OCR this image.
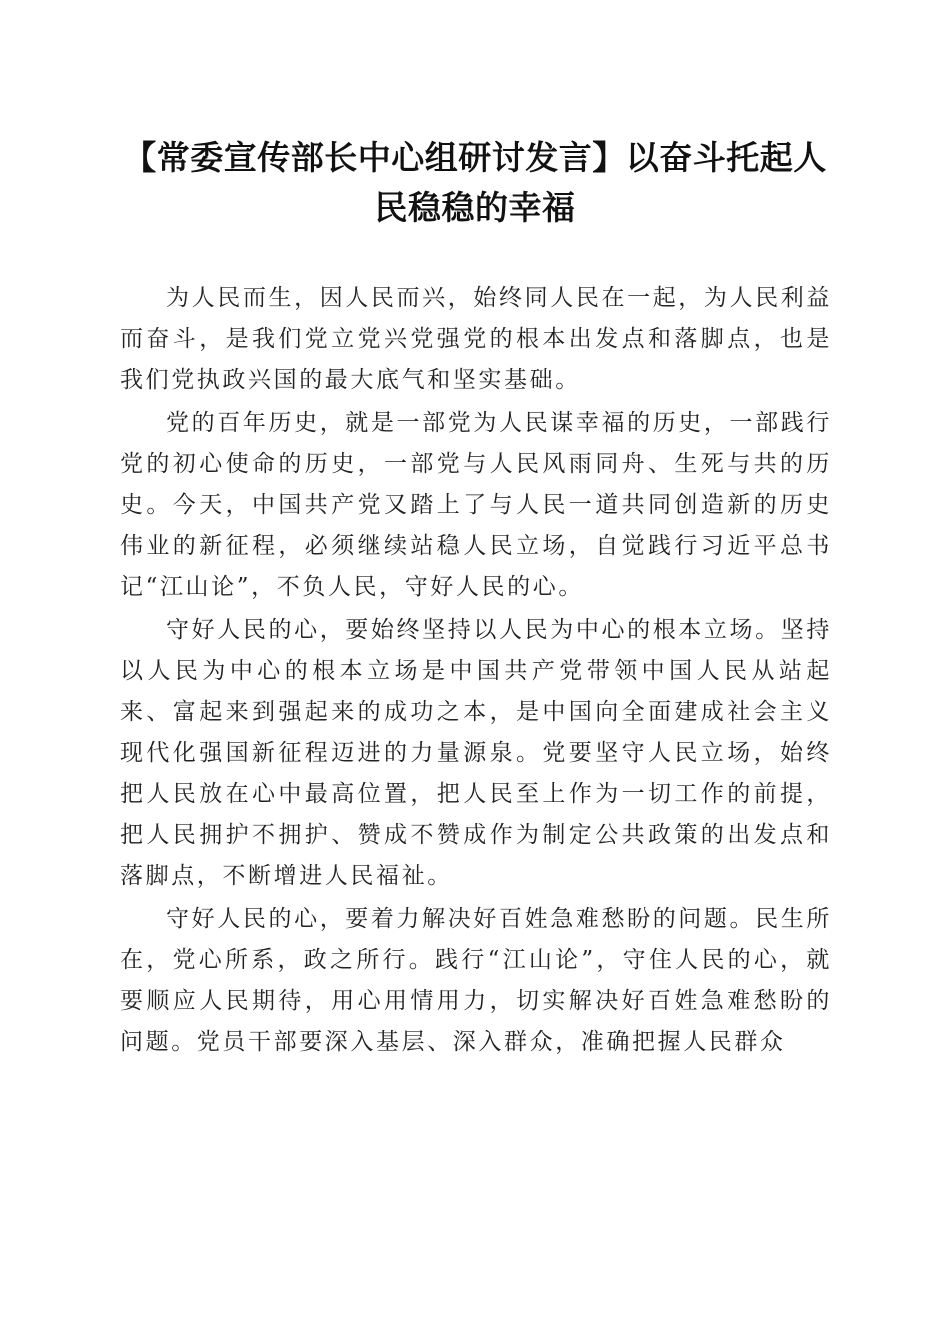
【常委宣传部长中心组研讨发言】以奋斗托起人民稳稳的幸福

为人民而生，因人民而兴，始终同人民在一起，为人民利益而奋斗，是我们党立党兴党强党的根本出发点和落脚点，也是我们党执政兴国的最大底气和坚实基础。

党的百年历史，就是一部党为人民谋幸福的历史，一部践行党的初心使命的历史，一部党与人民风雨同舟、生死与共的历史。今天，中国共产党又踏上了与人民一道共同创造新的历史伟业的新征程，必须继续站稳人民立场，自觉践行习近平总书记“江山论”，不负人民，守好人民的心。

守好人民的心，要始终坚持以人民为中心的根本立场。坚持以人民为中心的根本立场是中国共产党带领中国人民从站起来、富起来到强起来的成功之本，是中国向全面建成社会主义现代化强国新征程迈进的力量源泉。党要坚守人民立场，始终把人民放在心中最高位置，把人民至上作为一切工作的前提，把人民拥护不拥护、赞成不赞成作为制定公共政策的出发点和落脚点，不断增进人民福祉。

守好人民的心，要着力解决好百姓急难愁盼的问题。民生所在，党心所系，政之所行。践行“江山论”，守住人民的心，就要顺应人民期待，用心用情用力，切实解决好百姓急难愁盼的问题。党员干部要深入基层、深入群众，准确把握人民群众
